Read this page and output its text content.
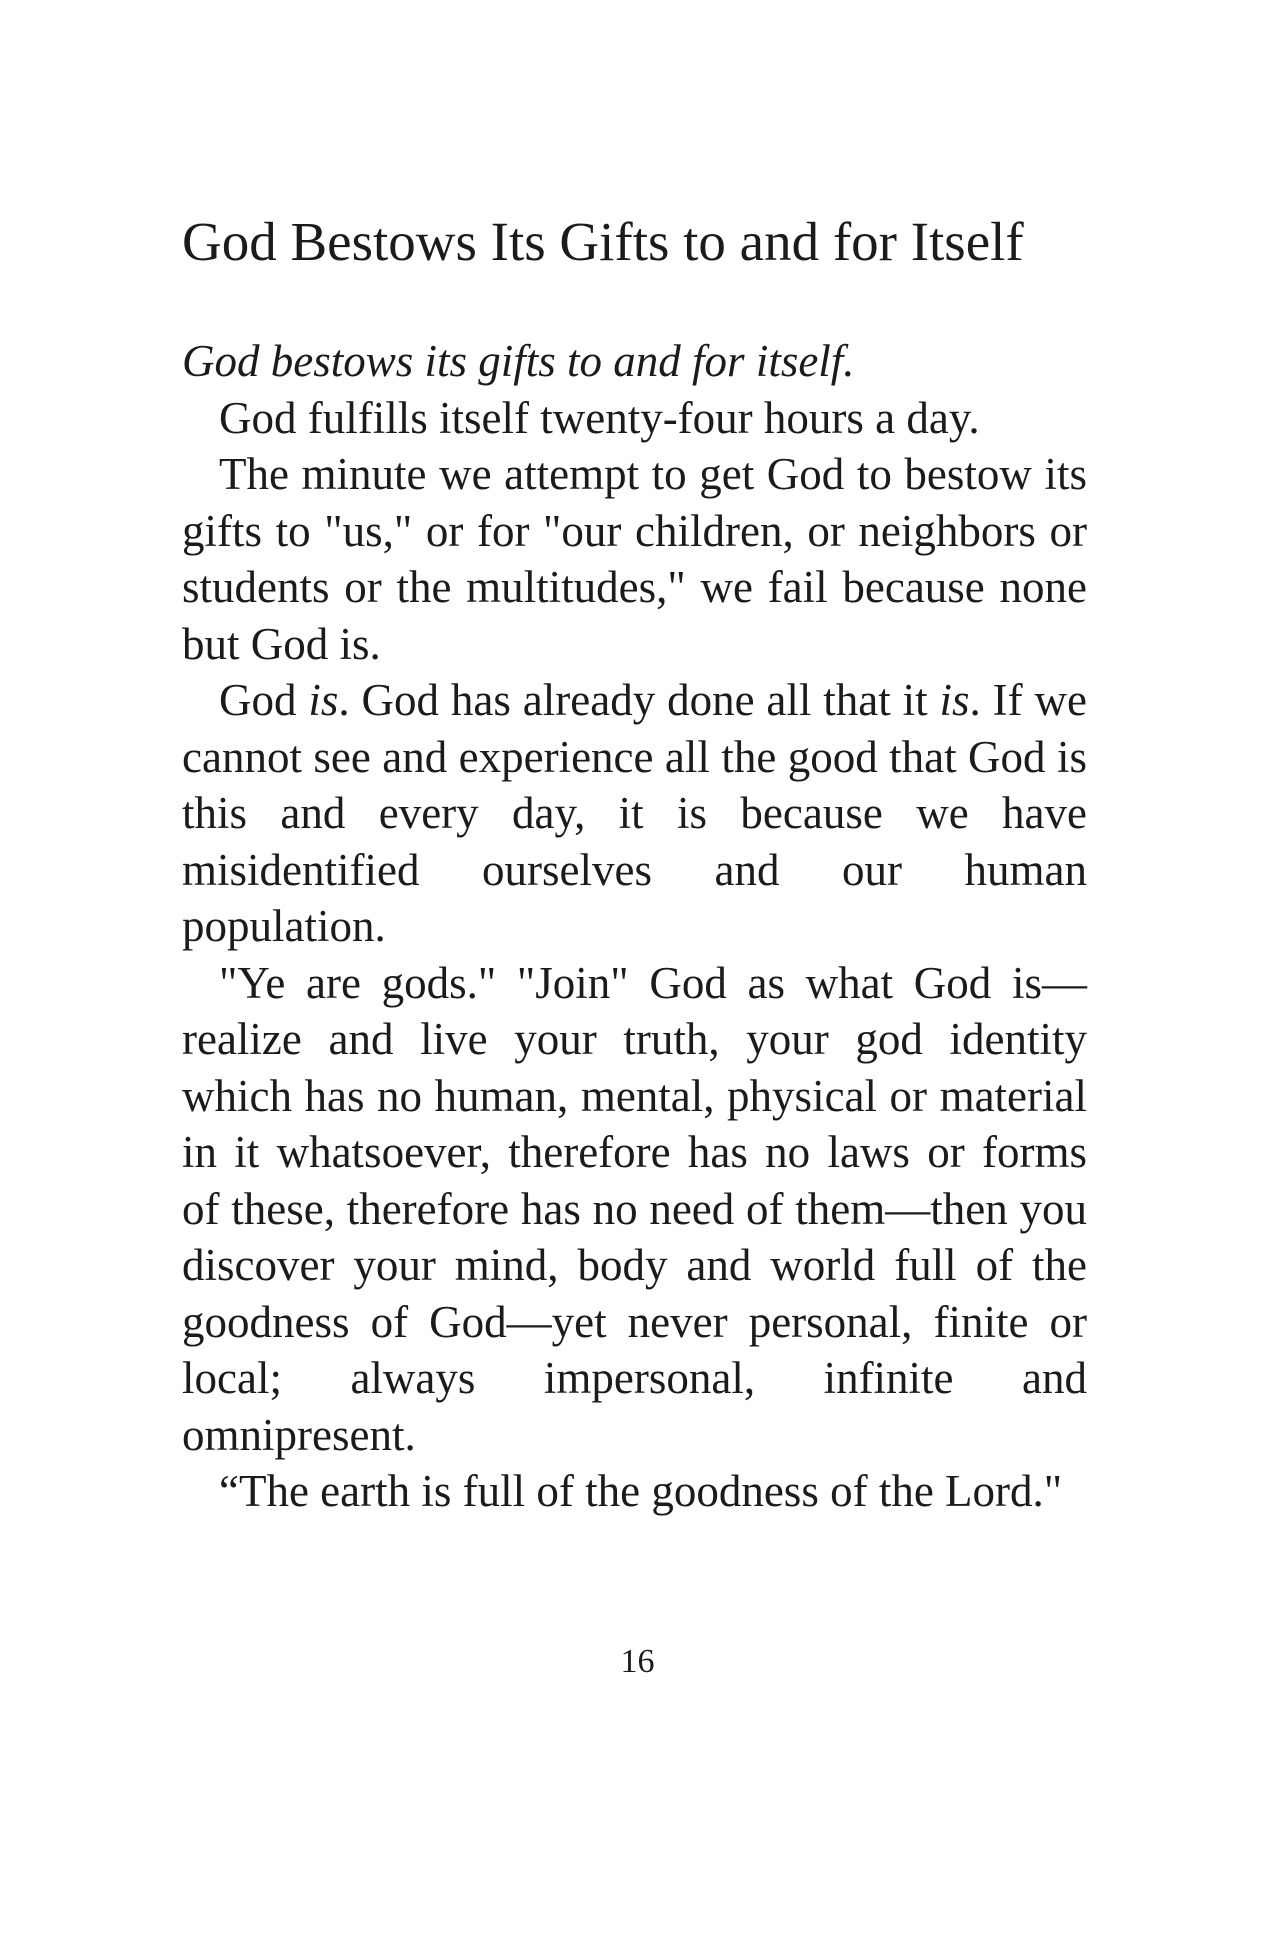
God Bestows Its Gifts to and for Itself

God bestows its gifts to and for itself.

God fulfills itself twenty-four hours a day.

The minute we attempt to get God to bestow its gifts to "us," or for "our children, or neighbors or students or the multitudes," we fail because none but God is.

God is. God has already done all that it is. If we cannot see and experience all the good that God is this and every day, it is because we have misidentified ourselves and our human population.

"Ye are gods." "Join" God as what God is—realize and live your truth, your god identity which has no human, mental, physical or material in it whatsoever, therefore has no laws or forms of these, therefore has no need of them—then you discover your mind, body and world full of the goodness of God—yet never personal, finite or local; always impersonal, infinite and omnipresent.

“The earth is full of the goodness of the Lord."

16
